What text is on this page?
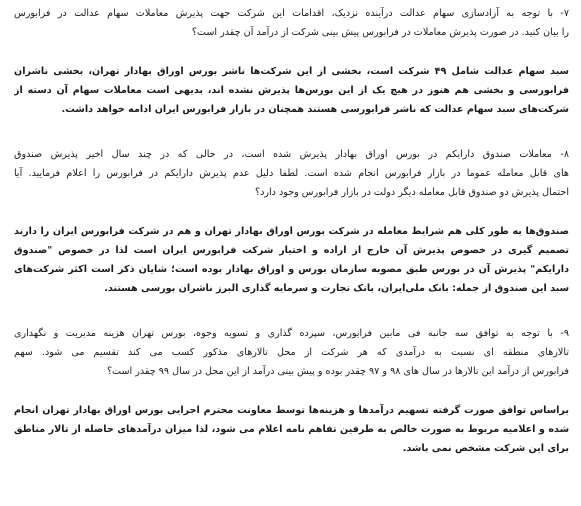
۷- با توجه به آزادسازی سهام عدالت درآینده نزدیک، اقدامات این شرکت جهت پذیرش معاملات سهام عدالت در فرابورس
را بیان کنید. در صورت پذیرش معاملات در فرابورس پیش بینی شرکت از درآمد آن چقدر است؟
سبد سهام عدالت شامل ۴۹ شرکت است، بخشی از این شرکت‌ها ناشر بورس اوراق بهادار تهران، بخشی ناشران
فرابورسی و بخشی هم هنوز در هیچ یک از این بورس‌ها پذیرش نشده اند، بدیهی است معاملات سهام آن دسته از
شرکت‌های سبد سهام عدالت که ناشر فرابورسی هستند همچنان در بازار فرابورس ایران ادامه خواهد داشت.
۸- معاملات صندوق دارایکم در بورس اوراق بهادار پذیرش شده است، در حالی که در چند سال اخیر پذیرش صندوق
های قابل معامله عموما در بازار فرابورس انجام شده است. لطفا دلیل عدم پذیرش دارایکم در فرابورس را اعلام فرمایید. آیا
احتمال پذیرش دو صندوق قابل معامله دیگر دولت در بازار فرابورس وجود دارد؟
صندوق‌ها به طور کلی هم شرایط معامله در شرکت بورس اوراق بهادار تهران و هم در شرکت فرابورس ایران را دارند
تصمیم گیری در خصوص پذیرش آن خارج از اراده و اختیار شرکت فرابورس ایران است لذا در خصوص "صندوق
دارایکم" پذیرش آن در بورس طبق مصوبه سازمان بورس و اوراق بهادار بوده است؛ شایان ذکر است اکثر شرکت‌های
سبد این صندوق از جمله: بانک ملی‌ایران، بانک تجارت و سرمایه گذاری البرز ناشران بورسی هستند.
۹- با توجه به توافق سه جانبه فی مابین فرابورس، سپرده گذاری و تسویه وجوه، بورس تهران هزینه مدیریت و نگهداری
تالارهای منطقه ای نسبت به درآمدی که هر شرکت از محل تالارهای مذکور کسب می کند تقسیم می شود. سهم
فرابورس از درآمد این تالارها در سال های ۹۸ و ۹۷ چقدر بوده و پیش بینی درآمد از این محل در سال ۹۹ چقدر است؟
براساس توافق صورت گرفته تسهیم درآمدها و هزینه‌ها توسط معاونت محترم اجرایی بورس اوراق بهادار تهران انجام
شده و اعلامیه مربوط به صورت خالص به طرفین تفاهم نامه اعلام می شود، لذا میزان درآمدهای حاصله از تالار مناطق
برای این شرکت مشخص نمی باشد.
